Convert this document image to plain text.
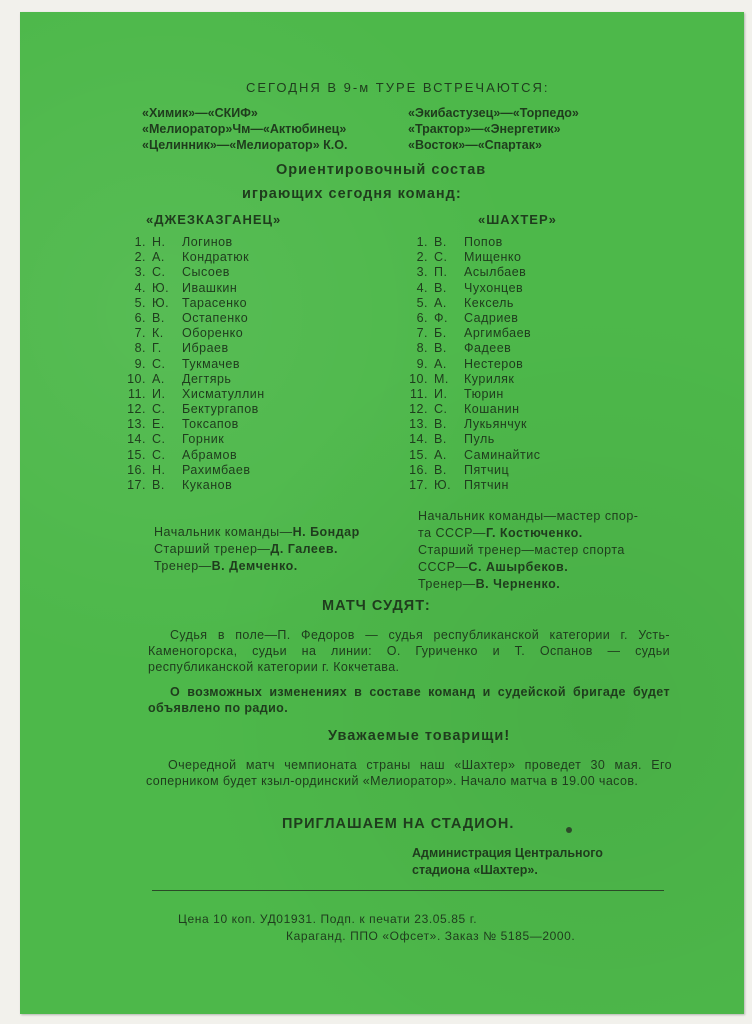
СЕГОДНЯ В 9-м ТУРЕ ВСТРЕЧАЮТСЯ:
«Химик»—«СКИФ»
«Мелиоратор»Чм—«Актюбинец»
«Целинник»—«Мелиоратор» К.О.
«Экибастузец»—«Торпедо»
«Трактор»—«Энергетик»
«Восток»—«Спартак»
Ориентировочный состав
играющих сегодня команд:
«ДЖЕЗКАЗГАНЕЦ»	«ШАХТЕР»
1. Н. Логинов
2. А. Кондратюк
3. С. Сысоев
4. Ю. Ивашкин
5. Ю. Тарасенко
6. В. Остапенко
7. К. Оборенко
8. Г. Ибраев
9. С. Тукмачев
10. А. Дегтярь
11. И. Хисматуллин
12. С. Бектургапов
13. Е. Токсапов
14. С. Горник
15. С. Абрамов
16. Н. Рахимбаев
17. В. Куканов
1. В. Попов
2. С. Мищенко
3. П. Асылбаев
4. В. Чухонцев
5. А. Кексель
6. Ф. Садриев
7. Б. Аргимбаев
8. В. Фадеев
9. А. Нестеров
10. М. Куриляк
11. И. Тюрин
12. С. Кошанин
13. В. Лукьянчук
14. В. Пуль
15. А. Саминайтис
16. В. Пятчиц
17. Ю. Пятчин
Начальник команды—Н. Бондар
Старший тренер—Д. Галеев.
Тренер—В. Демченко.
Начальник команды—мастер спор-
та СССР—Г. Костюченко.
Старший тренер—мастер спорта
СССР—С. Ашырбеков.
Тренер—В. Черненко.
МАТЧ СУДЯТ:
Судья в поле—П. Федоров — судья республиканской категории г. Усть-Каменогорска, судьи на линии: О. Гуриченко и Т. Оспанов — судьи республиканской категории г. Кокчетава.
О возможных изменениях в составе команд и судейской бригаде будет объявлено по радио.
Уважаемые товарищи!
Очередной матч чемпионата страны наш «Шахтер» проведет 30 мая. Его соперником будет кзыл-ординский «Мелиоратор». Начало матча в 19.00 часов.
ПРИГЛАШАЕМ НА СТАДИОН.
Администрация Центрального
стадиона «Шахтер».
Цена 10 коп. УД01931. Подп. к печати 23.05.85 г.
Караганд. ППО «Офсет». Заказ № 5185—2000.
